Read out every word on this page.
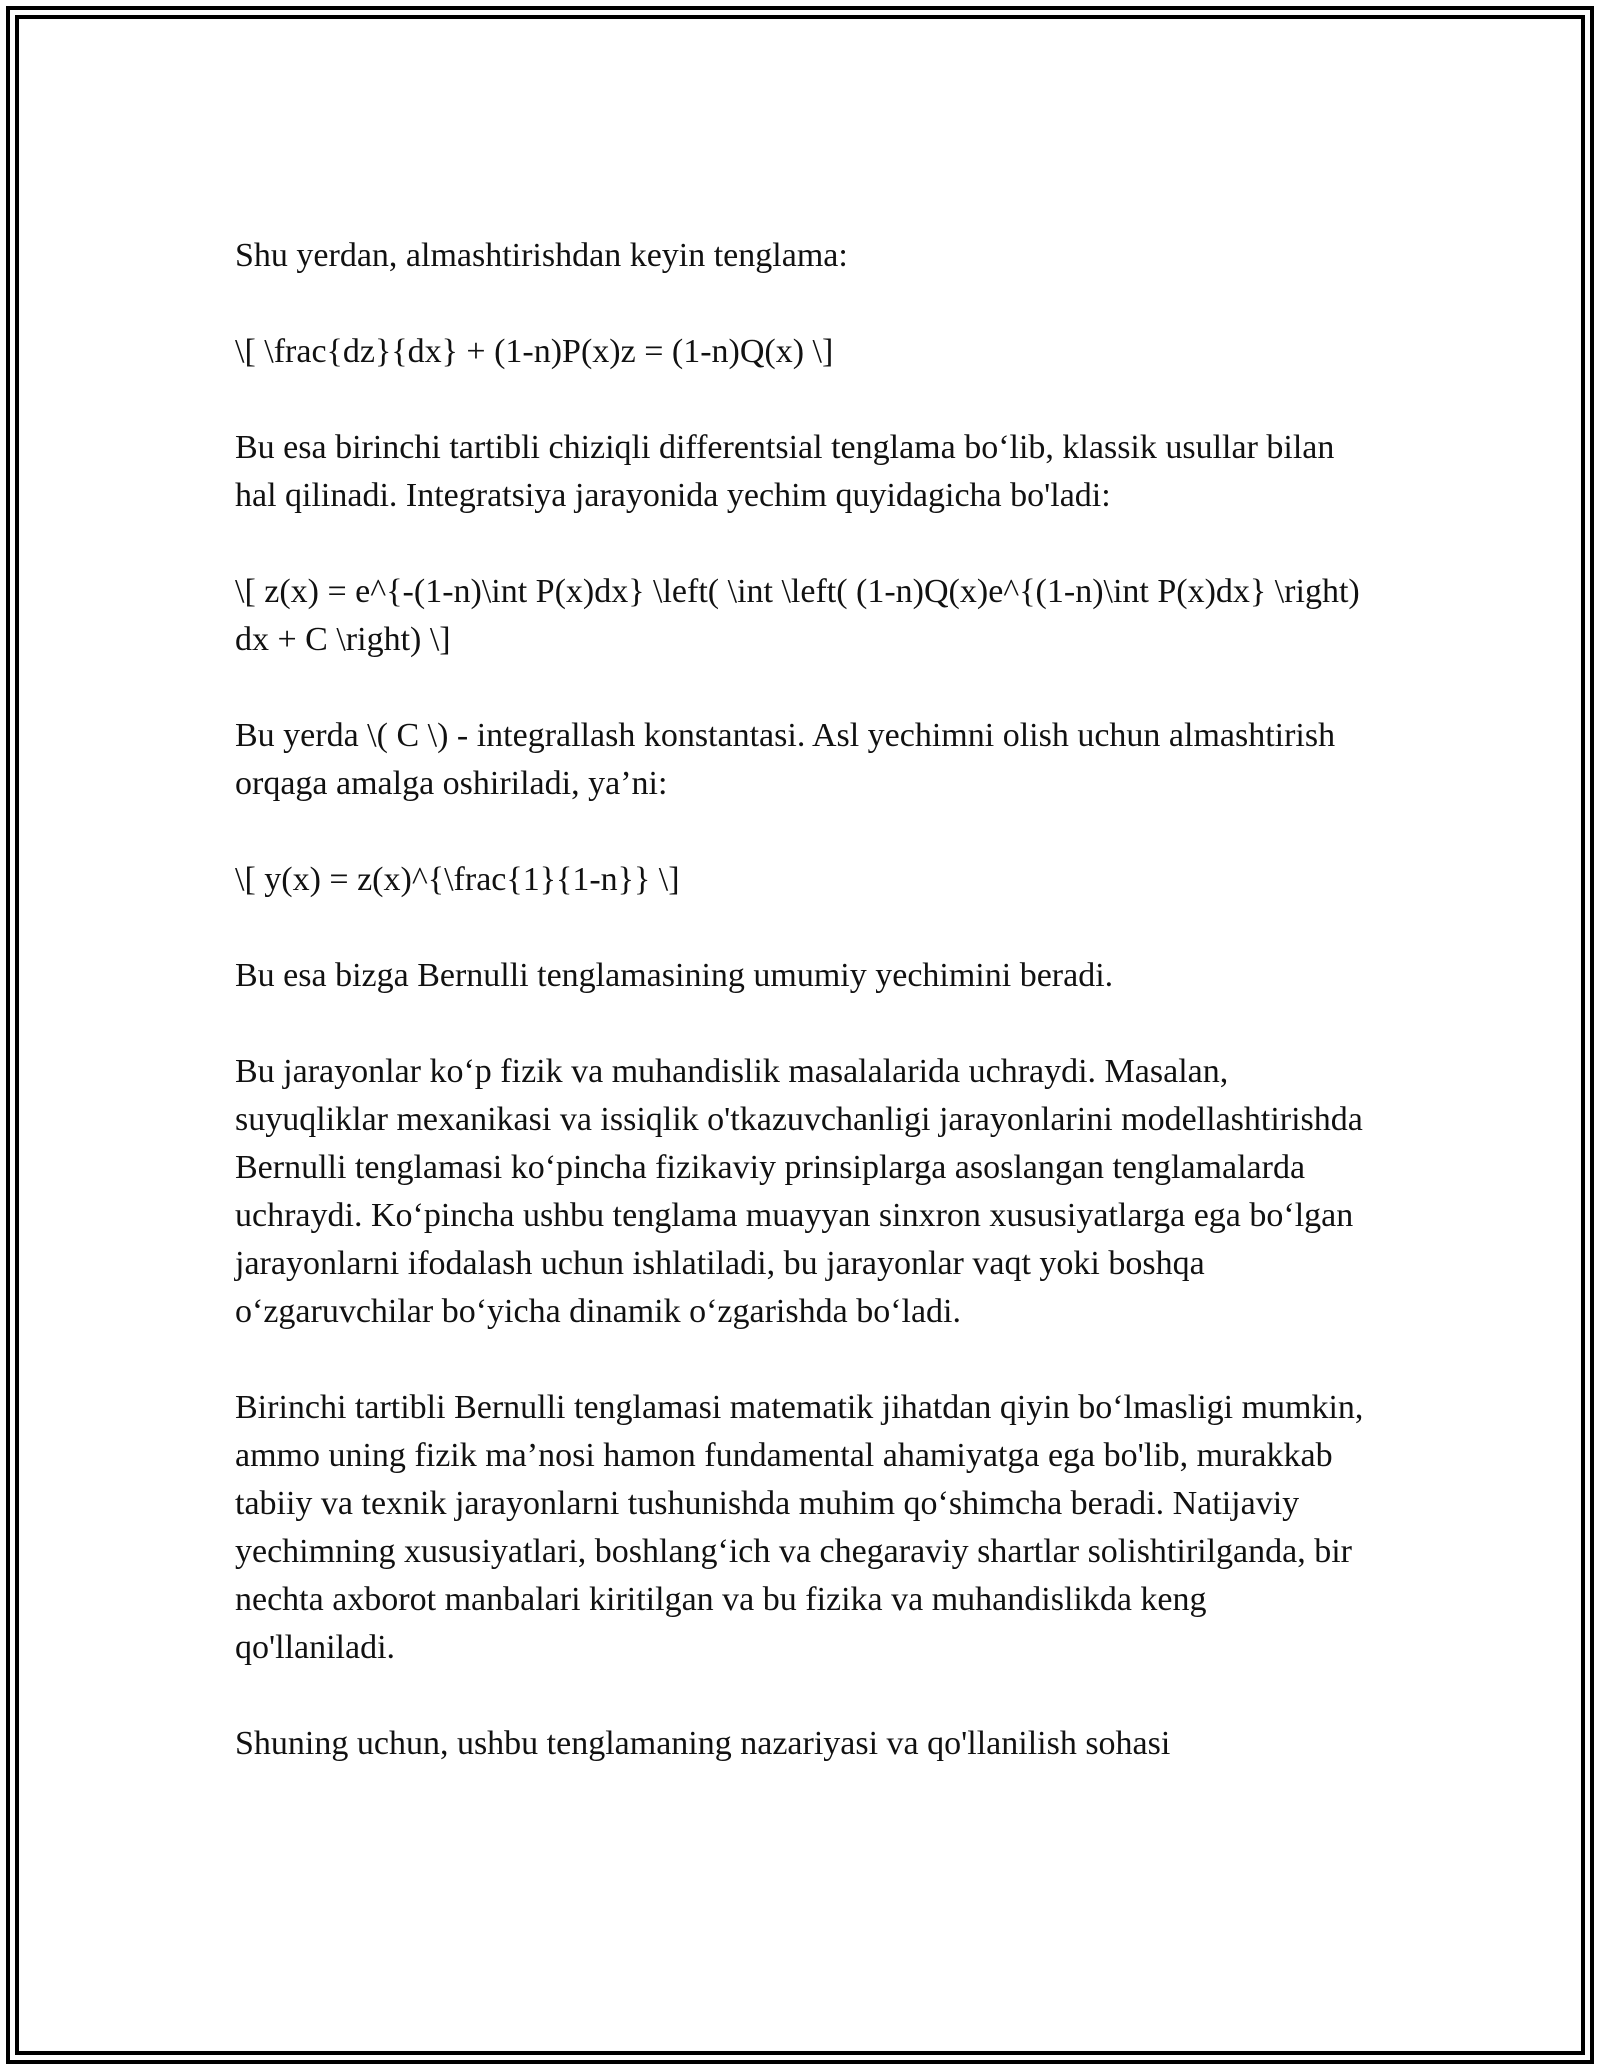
Shu yerdan, almashtirishdan keyin tenglama:

\[ \frac{dz}{dx} + (1-n)P(x)z = (1-n)Q(x) \]

Bu esa birinchi tartibli chiziqli differentsial tenglama bo‘lib, klassik usullar bilan hal qilinadi. Integratsiya jarayonida yechim quyidagicha bo'ladi:

\[ z(x) = e^{-(1-n)\int P(x)dx} \left( \int \left( (1-n)Q(x)e^{(1-n)\int P(x)dx} \right) dx + C \right) \]

Bu yerda \( C \) - integrallash konstantasi. Asl yechimni olish uchun almashtirish orqaga amalga oshiriladi, ya’ni:

\[ y(x) = z(x)^{\frac{1}{1-n}} \]

Bu esa bizga Bernulli tenglamasining umumiy yechimini beradi.

Bu jarayonlar ko‘p fizik va muhandislik masalalarida uchraydi. Masalan, suyuqliklar mexanikasi va issiqlik o'tkazuvchanligi jarayonlarini modellashtirishda Bernulli tenglamasi ko‘pincha fizikaviy prinsiplarga asoslangan tenglamalarda uchraydi. Ko‘pincha ushbu tenglama muayyan sinxron xususiyatlarga ega bo‘lgan jarayonlarni ifodalash uchun ishlatiladi, bu jarayonlar vaqt yoki boshqa o‘zgaruvchilar bo‘yicha dinamik o‘zgarishda bo‘ladi.

Birinchi tartibli Bernulli tenglamasi matematik jihatdan qiyin bo‘lmasligi mumkin, ammo uning fizik ma’nosi hamon fundamental ahamiyatga ega bo'lib, murakkab tabiiy va texnik jarayonlarni tushunishda muhim qo‘shimcha beradi. Natijaviy yechimning xususiyatlari, boshlang‘ich va chegaraviy shartlar solishtirilganda, bir nechta axborot manbalari kiritilgan va bu fizika va muhandislikda keng qo'llaniladi.

Shuning uchun, ushbu tenglamaning nazariyasi va qo'llanilish sohasi
